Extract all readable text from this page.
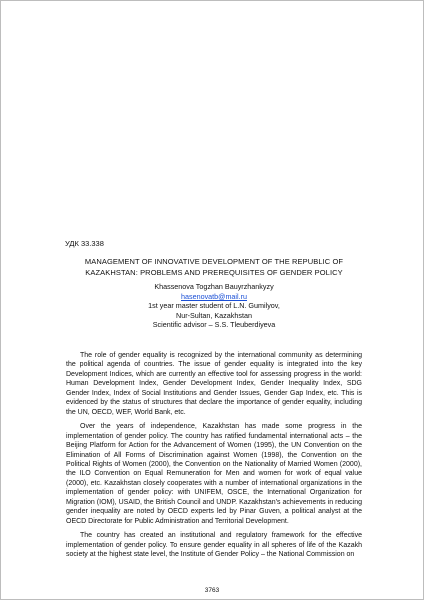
УДК 33.338
MANAGEMENT OF INNOVATIVE DEVELOPMENT OF THE REPUBLIC OF KAZAKHSTAN: PROBLEMS AND PREREQUISITES OF GENDER POLICY
Khassenova Togzhan Bauyrzhankyzy
hasenovatb@mail.ru
1st year master student of L.N. Gumilyov,
Nur-Sultan, Kazakhstan
Scientific advisor – S.S. Tleuberdiyeva

The role of gender equality is recognized by the international community as determining the political agenda of countries. The issue of gender equality is integrated into the key Development Indices, which are currently an effective tool for assessing progress in the world: Human Development Index, Gender Development Index, Gender Inequality Index, SDG Gender Index, Index of Social Institutions and Gender Issues, Gender Gap Index, etc. This is evidenced by the status of structures that declare the importance of gender equality, including the UN, OECD, WEF, World Bank, etc.

Over the years of independence, Kazakhstan has made some progress in the implementation of gender policy. The country has ratified fundamental international acts – the Beijing Platform for Action for the Advancement of Women (1995), the UN Convention on the Elimination of All Forms of Discrimination against Women (1998), the Convention on the Political Rights of Women (2000), the Convention on the Nationality of Married Women (2000), the ILO Convention on Equal Remuneration for Men and women for work of equal value (2000), etc. Kazakhstan closely cooperates with a number of international organizations in the implementation of gender policy: with UNIFEM, OSCE, the International Organization for Migration (IOM), USAID, the British Council and UNDP. Kazakhstan's achievements in reducing gender inequality are noted by OECD experts led by Pinar Guven, a political analyst at the OECD Directorate for Public Administration and Territorial Development.

The country has created an institutional and regulatory framework for the effective implementation of gender policy. To ensure gender equality in all spheres of life of the Kazakh society at the highest state level, the Institute of Gender Policy – the National Commission on

3763
